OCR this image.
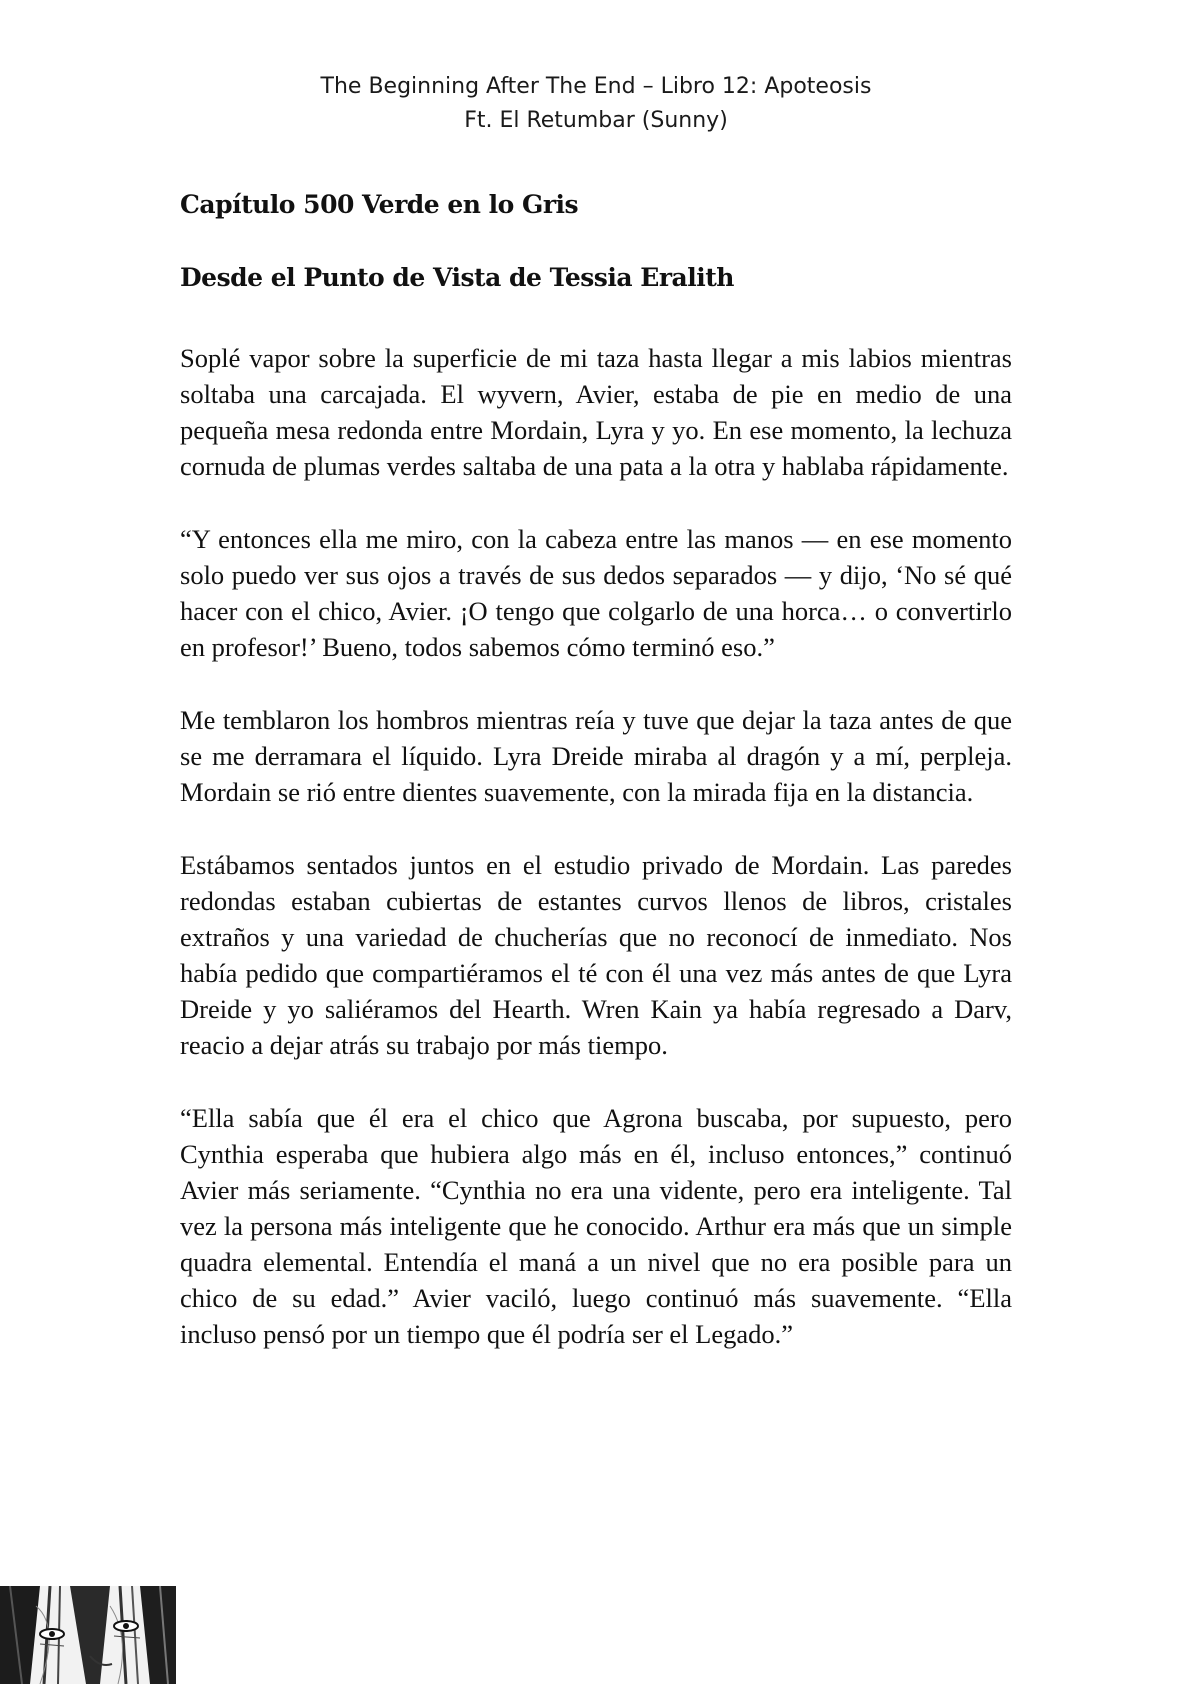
The Beginning After The End – Libro 12: Apoteosis
Ft. El Retumbar (Sunny)
Capítulo 500 Verde en lo Gris
Desde el Punto de Vista de Tessia Eralith

Soplé vapor sobre la superficie de mi taza hasta llegar a mis labios mientras soltaba una carcajada. El wyvern, Avier, estaba de pie en medio de una pequeña mesa redonda entre Mordain, Lyra y yo. En ese momento, la lechuza cornuda de plumas verdes saltaba de una pata a la otra y hablaba rápidamente.

“Y entonces ella me miro, con la cabeza entre las manos — en ese momento solo puedo ver sus ojos a través de sus dedos separados — y dijo, ‘No sé qué hacer con el chico, Avier. ¡O tengo que colgarlo de una horca… o convertirlo en profesor!’ Bueno, todos sabemos cómo terminó eso.”

Me temblaron los hombros mientras reía y tuve que dejar la taza antes de que se me derramara el líquido. Lyra Dreide miraba al dragón y a mí, perpleja. Mordain se rió entre dientes suavemente, con la mirada fija en la distancia.

Estábamos sentados juntos en el estudio privado de Mordain. Las paredes redondas estaban cubiertas de estantes curvos llenos de libros, cristales extraños y una variedad de chucherías que no reconocí de inmediato. Nos había pedido que compartiéramos el té con él una vez más antes de que Lyra Dreide y yo saliéramos del Hearth. Wren Kain ya había regresado a Darv, reacio a dejar atrás su trabajo por más tiempo.

“Ella sabía que él era el chico que Agrona buscaba, por supuesto, pero Cynthia esperaba que hubiera algo más en él, incluso entonces,” continuó Avier más seriamente. “Cynthia no era una vidente, pero era inteligente. Tal vez la persona más inteligente que he conocido. Arthur era más que un simple quadra elemental. Entendía el maná a un nivel que no era posible para un chico de su edad.” Avier vaciló, luego continuó más suavemente. “Ella incluso pensó por un tiempo que él podría ser el Legado.”
